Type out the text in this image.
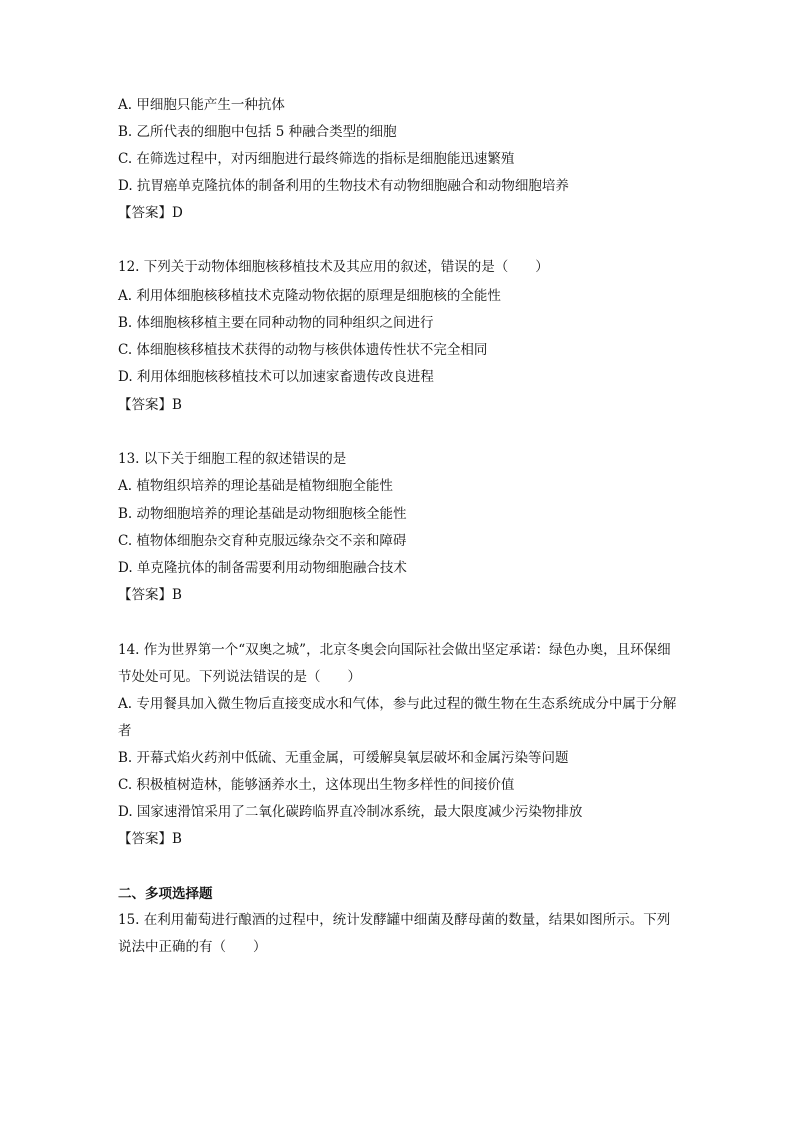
A. 甲细胞只能产生一种抗体
B. 乙所代表的细胞中包括 5 种融合类型的细胞
C. 在筛选过程中，对丙细胞进行最终筛选的指标是细胞能迅速繁殖
D. 抗胃癌单克隆抗体的制备利用的生物技术有动物细胞融合和动物细胞培养
【答案】D
12. 下列关于动物体细胞核移植技术及其应用的叙述，错误的是（　　）
A. 利用体细胞核移植技术克隆动物依据的原理是细胞核的全能性
B. 体细胞核移植主要在同种动物的同种组织之间进行
C. 体细胞核移植技术获得的动物与核供体遗传性状不完全相同
D. 利用体细胞核移植技术可以加速家畜遗传改良进程
【答案】B
13. 以下关于细胞工程的叙述错误的是
A. 植物组织培养的理论基础是植物细胞全能性
B. 动物细胞培养的理论基础是动物细胞核全能性
C. 植物体细胞杂交育种克服远缘杂交不亲和障碍
D. 单克隆抗体的制备需要利用动物细胞融合技术
【答案】B
14. 作为世界第一个“双奥之城”，北京冬奥会向国际社会做出坚定承诺：绿色办奥，且环保细节处处可见。下列说法错误的是（　　）
A. 专用餐具加入微生物后直接变成水和气体，参与此过程的微生物在生态系统成分中属于分解者
B. 开幕式焰火药剂中低硫、无重金属，可缓解臭氧层破坏和金属污染等问题
C. 积极植树造林，能够涵养水土，这体现出生物多样性的间接价值
D. 国家速滑馆采用了二氧化碳跨临界直冷制冰系统，最大限度减少污染物排放
【答案】B
二、多项选择题
15. 在利用葡萄进行酿酒的过程中，统计发酵罐中细菌及酵母菌的数量，结果如图所示。下列说法中正确的有（　　）
